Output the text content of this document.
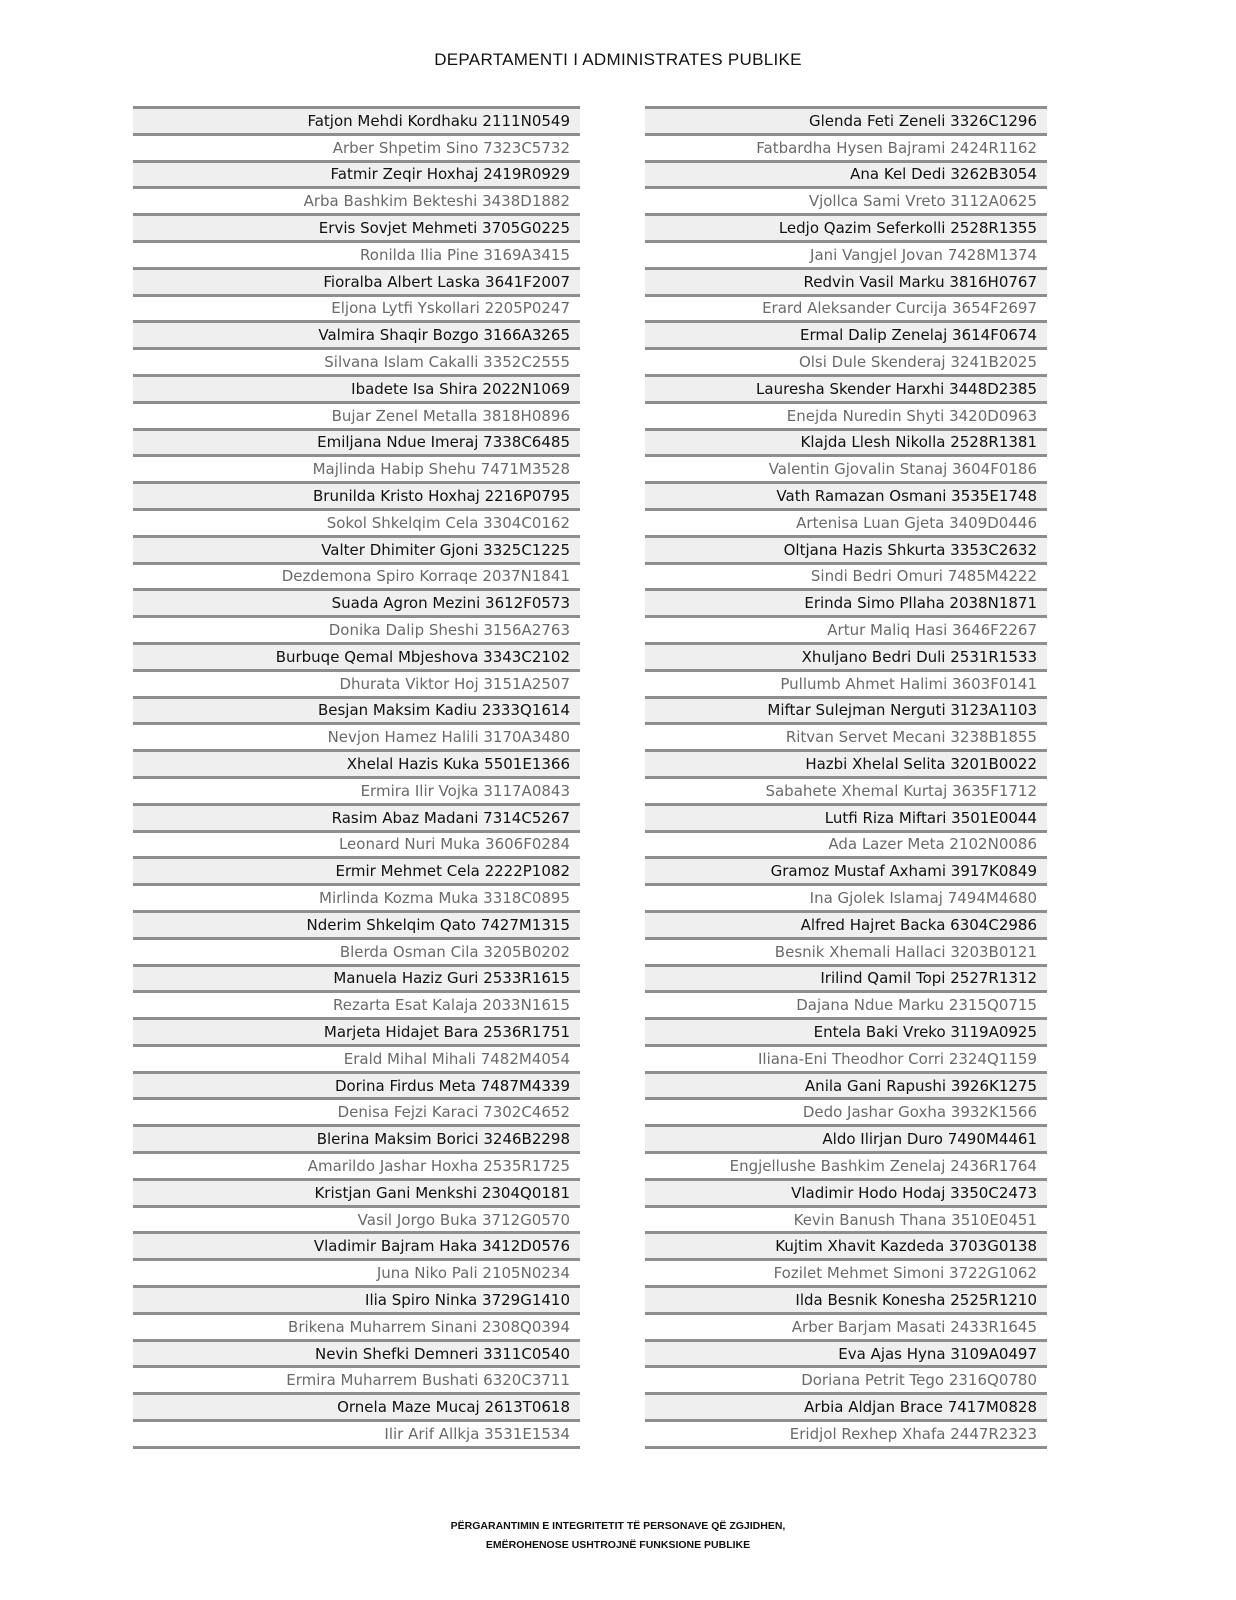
DEPARTAMENTI I ADMINISTRATES PUBLIKE
Fatjon Mehdi Kordhaku 2111N0549
Arber Shpetim Sino 7323C5732
Fatmir Zeqir Hoxhaj 2419R0929
Arba Bashkim Bekteshi 3438D1882
Ervis Sovjet Mehmeti 3705G0225
Ronilda Ilia Pine 3169A3415
Fioralba Albert Laska 3641F2007
Eljona Lytfi Yskollari 2205P0247
Valmira Shaqir Bozgo 3166A3265
Silvana Islam Cakalli 3352C2555
Ibadete Isa Shira 2022N1069
Bujar Zenel Metalla 3818H0896
Emiljana Ndue Imeraj 7338C6485
Majlinda Habip Shehu 7471M3528
Brunilda Kristo Hoxhaj 2216P0795
Sokol Shkelqim Cela 3304C0162
Valter Dhimiter Gjoni 3325C1225
Dezdemona Spiro Korraqe 2037N1841
Suada Agron Mezini 3612F0573
Donika Dalip Sheshi 3156A2763
Burbuqe Qemal Mbjeshova 3343C2102
Dhurata Viktor Hoj 3151A2507
Besjan Maksim Kadiu 2333Q1614
Nevjon Hamez Halili 3170A3480
Xhelal Hazis Kuka 5501E1366
Ermira Ilir Vojka 3117A0843
Rasim Abaz Madani 7314C5267
Leonard Nuri Muka 3606F0284
Ermir Mehmet Cela 2222P1082
Mirlinda Kozma Muka 3318C0895
Nderim Shkelqim Qato 7427M1315
Blerda Osman Cila 3205B0202
Manuela Haziz Guri 2533R1615
Rezarta Esat Kalaja 2033N1615
Marjeta Hidajet Bara 2536R1751
Erald Mihal Mihali 7482M4054
Dorina Firdus Meta 7487M4339
Denisa Fejzi Karaci 7302C4652
Blerina Maksim Borici 3246B2298
Amarildo Jashar Hoxha 2535R1725
Kristjan Gani Menkshi 2304Q0181
Vasil Jorgo Buka 3712G0570
Vladimir Bajram Haka 3412D0576
Juna Niko Pali 2105N0234
Ilia Spiro Ninka 3729G1410
Brikena Muharrem Sinani 2308Q0394
Nevin Shefki Demneri 3311C0540
Ermira Muharrem Bushati 6320C3711
Ornela Maze Mucaj 2613T0618
Ilir Arif Allkja 3531E1534
Glenda Feti Zeneli 3326C1296
Fatbardha Hysen Bajrami 2424R1162
Ana Kel Dedi 3262B3054
Vjollca Sami Vreto 3112A0625
Ledjo Qazim Seferkolli 2528R1355
Jani Vangjel Jovan 7428M1374
Redvin Vasil Marku 3816H0767
Erard Aleksander Curcija 3654F2697
Ermal Dalip Zenelaj 3614F0674
Olsi Dule Skenderaj 3241B2025
Lauresha Skender Harxhi 3448D2385
Enejda Nuredin Shyti 3420D0963
Klajda Llesh Nikolla 2528R1381
Valentin Gjovalin Stanaj 3604F0186
Vath Ramazan Osmani 3535E1748
Artenisa Luan Gjeta 3409D0446
Oltjana Hazis Shkurta 3353C2632
Sindi Bedri Omuri 7485M4222
Erinda Simo Pllaha 2038N1871
Artur Maliq Hasi 3646F2267
Xhuljano Bedri Duli 2531R1533
Pullumb Ahmet Halimi 3603F0141
Miftar Sulejman Nerguti 3123A1103
Ritvan Servet Mecani 3238B1855
Hazbi Xhelal Selita 3201B0022
Sabahete Xhemal Kurtaj 3635F1712
Lutfi Riza Miftari 3501E0044
Ada Lazer Meta 2102N0086
Gramoz Mustaf Axhami 3917K0849
Ina Gjolek Islamaj 7494M4680
Alfred Hajret Backa 6304C2986
Besnik Xhemali Hallaci 3203B0121
Irilind Qamil Topi 2527R1312
Dajana Ndue Marku 2315Q0715
Entela Baki Vreko 3119A0925
Iliana-Eni Theodhor Corri 2324Q1159
Anila Gani Rapushi 3926K1275
Dedo Jashar Goxha 3932K1566
Aldo Ilirjan Duro 7490M4461
Engjellushe Bashkim Zenelaj 2436R1764
Vladimir Hodo Hodaj 3350C2473
Kevin Banush Thana 3510E0451
Kujtim Xhavit Kazdeda 3703G0138
Fozilet Mehmet Simoni 3722G1062
Ilda Besnik Konesha 2525R1210
Arber Barjam Masati 2433R1645
Eva Ajas Hyna 3109A0497
Doriana Petrit Tego 2316Q0780
Arbia Aldjan Brace 7417M0828
Eridjol Rexhep Xhafa 2447R2323
PËRGARANTIMIN E INTEGRITETIT TË PERSONAVE QË ZGJIDHEN,
EMËROHENOSE USHTROJNË FUNKSIONE PUBLIKE
